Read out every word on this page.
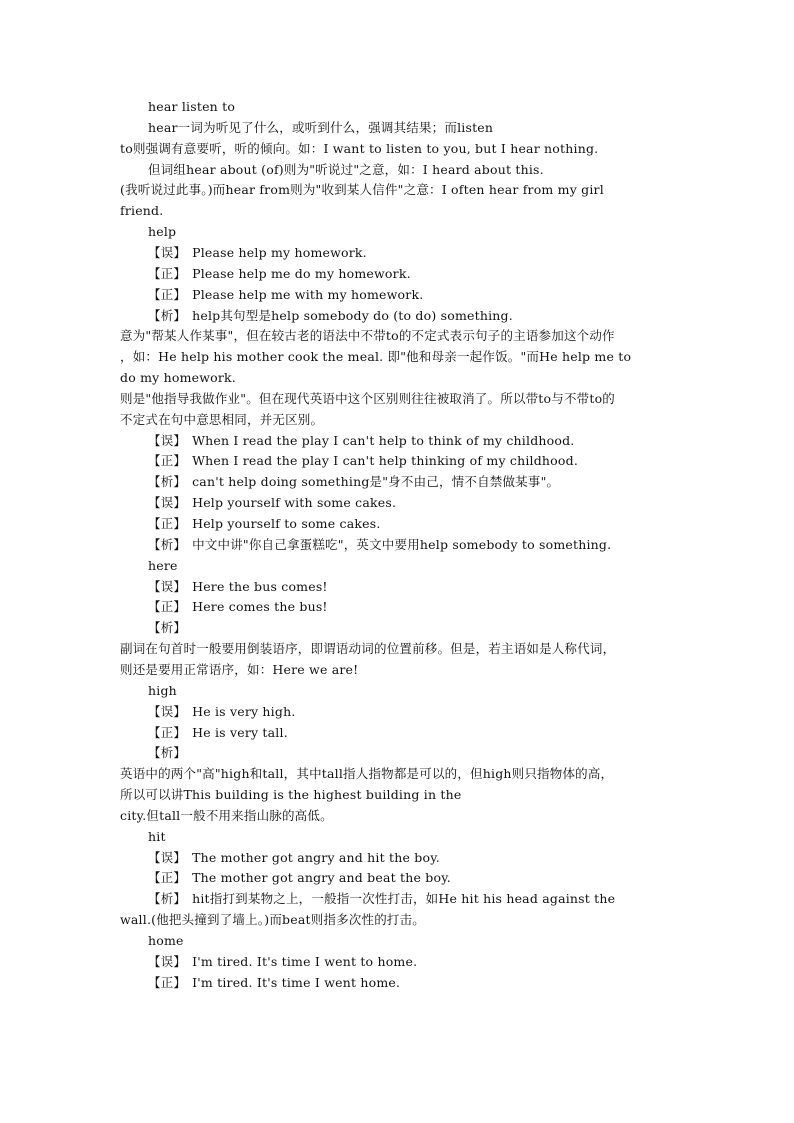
hear listen to
hear一词为听见了什么，或听到什么，强调其结果；而listen
to则强调有意要听，听的倾向。如：I want to listen to you, but I hear nothing.
但词组hear about (of)则为"听说过"之意，如：I heard about this.
(我听说过此事。)而hear from则为"收到某人信件"之意：I often hear from my girl
friend.
help
【误】 Please help my homework.
【正】 Please help me do my homework.
【正】 Please help me with my homework.
【析】 help其句型是help somebody do (to do) something.
意为"帮某人作某事"，但在较古老的语法中不带to的不定式表示句子的主语参加这个动作
，如：He help his mother cook the meal. 即"他和母亲一起作饭。"而He help me to
do my homework.
则是"他指导我做作业"。但在现代英语中这个区别则往往被取消了。所以带to与不带to的
不定式在句中意思相同，并无区别。
【误】 When I read the play I can't help to think of my childhood.
【正】 When I read the play I can't help thinking of my childhood.
【析】 can't help doing something是"身不由己，情不自禁做某事"。
【误】 Help yourself with some cakes.
【正】 Help yourself to some cakes.
【析】 中文中讲"你自己拿蛋糕吃"，英文中要用help somebody to something.
here
【误】 Here the bus comes!
【正】 Here comes the bus!
【析】
副词在句首时一般要用倒装语序，即谓语动词的位置前移。但是，若主语如是人称代词，
则还是要用正常语序，如：Here we are!
high
【误】 He is very high.
【正】 He is very tall.
【析】
英语中的两个"高"high和tall，其中tall指人指物都是可以的，但high则只指物体的高，
所以可以讲This building is the highest building in the
city.但tall一般不用来指山脉的高低。
hit
【误】 The mother got angry and hit the boy.
【正】 The mother got angry and beat the boy.
【析】 hit指打到某物之上，一般指一次性打击，如He hit his head against the
wall.(他把头撞到了墙上。)而beat则指多次性的打击。
home
【误】 I'm tired. It's time I went to home.
【正】 I'm tired. It's time I went home.
